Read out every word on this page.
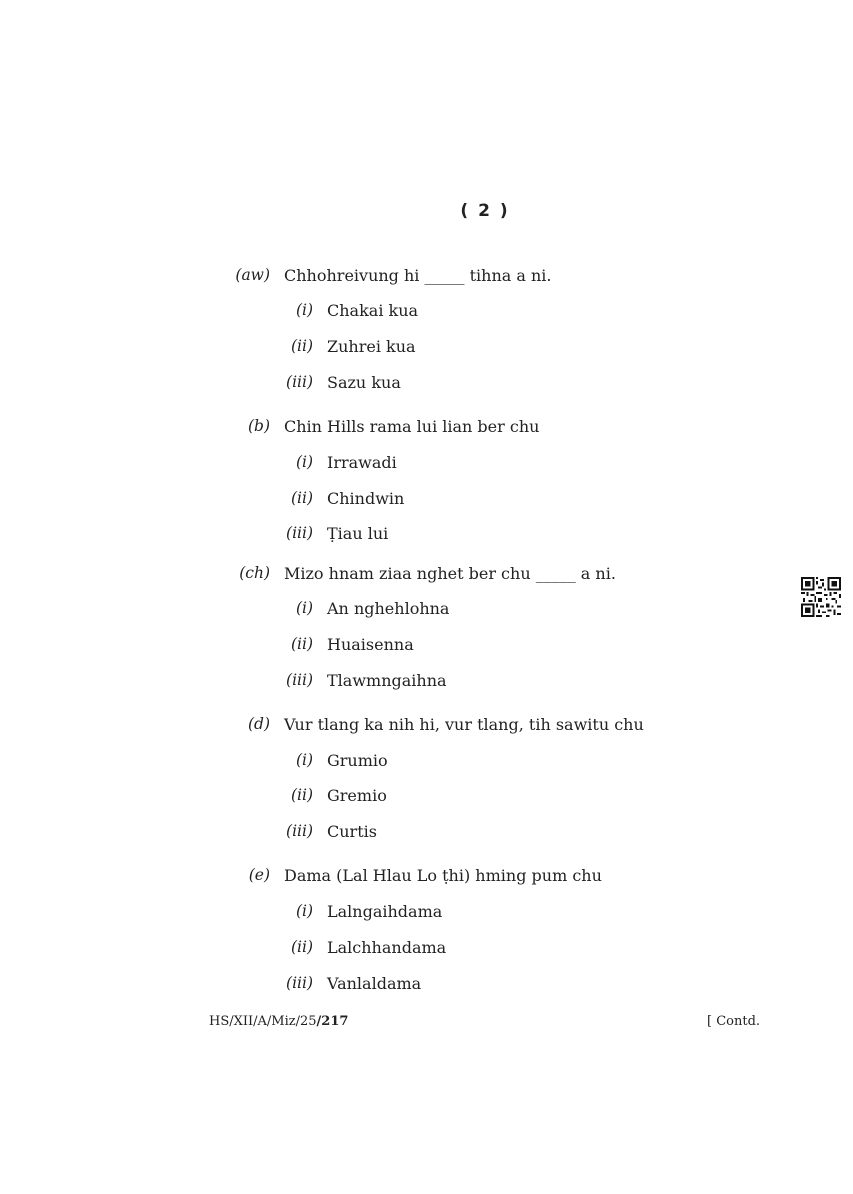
( 2 )
(aw) Chhohreivung hi _____ tihna a ni.
(i) Chakai kua
(ii) Zuhrei kua
(iii) Sazu kua
(b) Chin Hills rama lui lian ber chu
(i) Irrawadi
(ii) Chindwin
(iii) Ṭiau lui
(ch) Mizo hnam ziaa nghet ber chu _____ a ni.
(i) An nghehlohna
(ii) Huaisenna
(iii) Tlawmngaihna
(d) Vur tlang ka nih hi, vur tlang, tih sawitu chu
(i) Grumio
(ii) Gremio
(iii) Curtis
(e) Dama (Lal Hlau Lo ṭhi) hming pum chu
(i) Lalngaihdama
(ii) Lalchhandama
(iii) Vanlaldama
HS/XII/A/Miz/25/217	[ Contd.
